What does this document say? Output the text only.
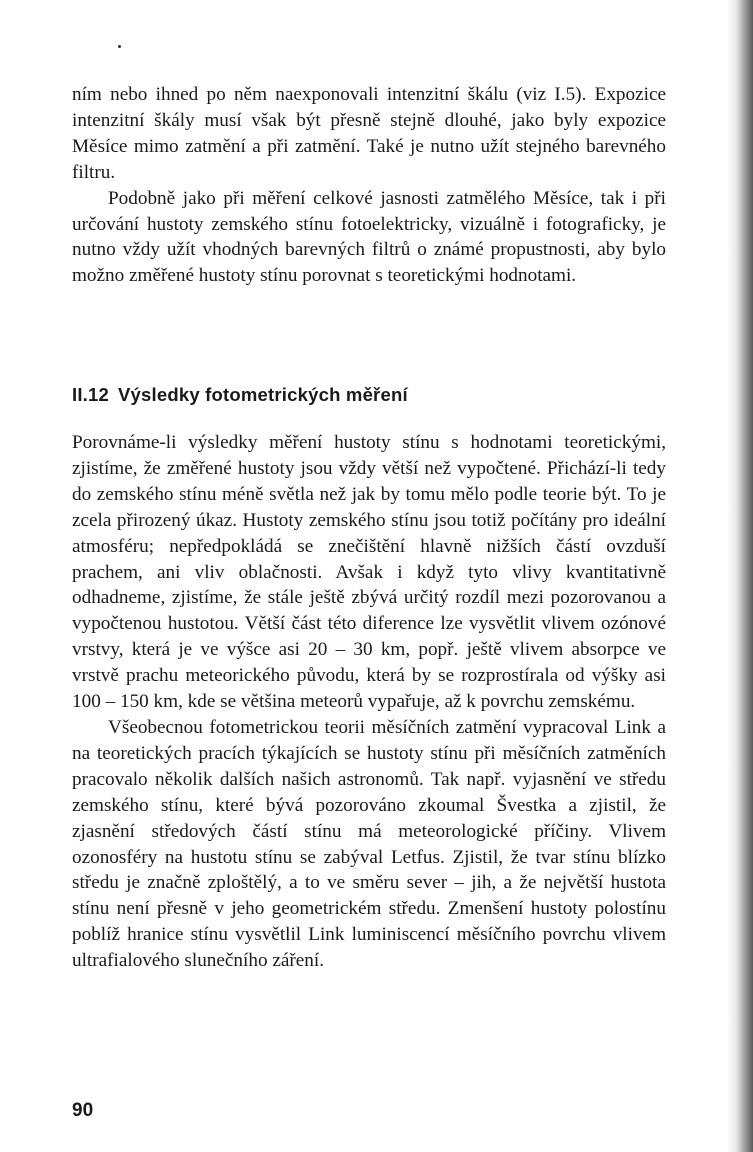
ním nebo ihned po něm naexponovali intenzitní škálu (viz I.5). Expozice intenzitní škály musí však být přesně stejně dlouhé, jako byly expozice Měsíce mimo zatmění a při zatmění. Také je nutno užít stejného barevného filtru.

Podobně jako při měření celkové jasnosti zatmělého Měsíce, tak i při určování hustoty zemského stínu fotoelektricky, vizuálně i fotograficky, je nutno vždy užít vhodných barevných filtrů o známé propustnosti, aby bylo možno změřené hustoty stínu porovnat s teoretickými hodnotami.

II.12 Výsledky fotometrických měření

Porovnáme-li výsledky měření hustoty stínu s hodnotami teoretickými, zjistíme, že změřené hustoty jsou vždy větší než vypočtené. Přichází-li tedy do zemského stínu méně světla než jak by tomu mělo podle teorie být. To je zcela přirozený úkaz. Hustoty zemského stínu jsou totiž počítány pro ideální atmosféru; nepředpokládá se znečištění hlavně nižších částí ovzduší prachem, ani vliv oblačnosti. Avšak i když tyto vlivy kvantitativně odhadneme, zjistíme, že stále ještě zbývá určitý rozdíl mezi pozorovanou a vypočtenou hustotou. Větší část této diference lze vysvětlit vlivem ozónové vrstvy, která je ve výšce asi 20 – 30 km, popř. ještě vlivem absorpce ve vrstvě prachu meteorického původu, která by se rozprostírala od výšky asi 100 – 150 km, kde se většina meteorů vypařuje, až k povrchu zemskému.

Všeobecnou fotometrickou teorii měsíčních zatmění vypracoval Link a na teoretických pracích týkajících se hustoty stínu při měsíčních zatměních pracovalo několik dalších našich astronomů. Tak např. vyjasnění ve středu zemského stínu, které bývá pozorováno zkoumal Švestka a zjistil, že zjasnění středových částí stínu má meteorologické příčiny. Vlivem ozonosféry na hustotu stínu se zabýval Letfus. Zjistil, že tvar stínu blízko středu je značně zploštělý, a to ve směru sever – jih, a že největší hustota stínu není přesně v jeho geometrickém středu. Zmenšení hustoty polostínu poblíž hranice stínu vysvětlil Link luminiscencí měsíčního povrchu vlivem ultrafialového slunečního záření.

90
